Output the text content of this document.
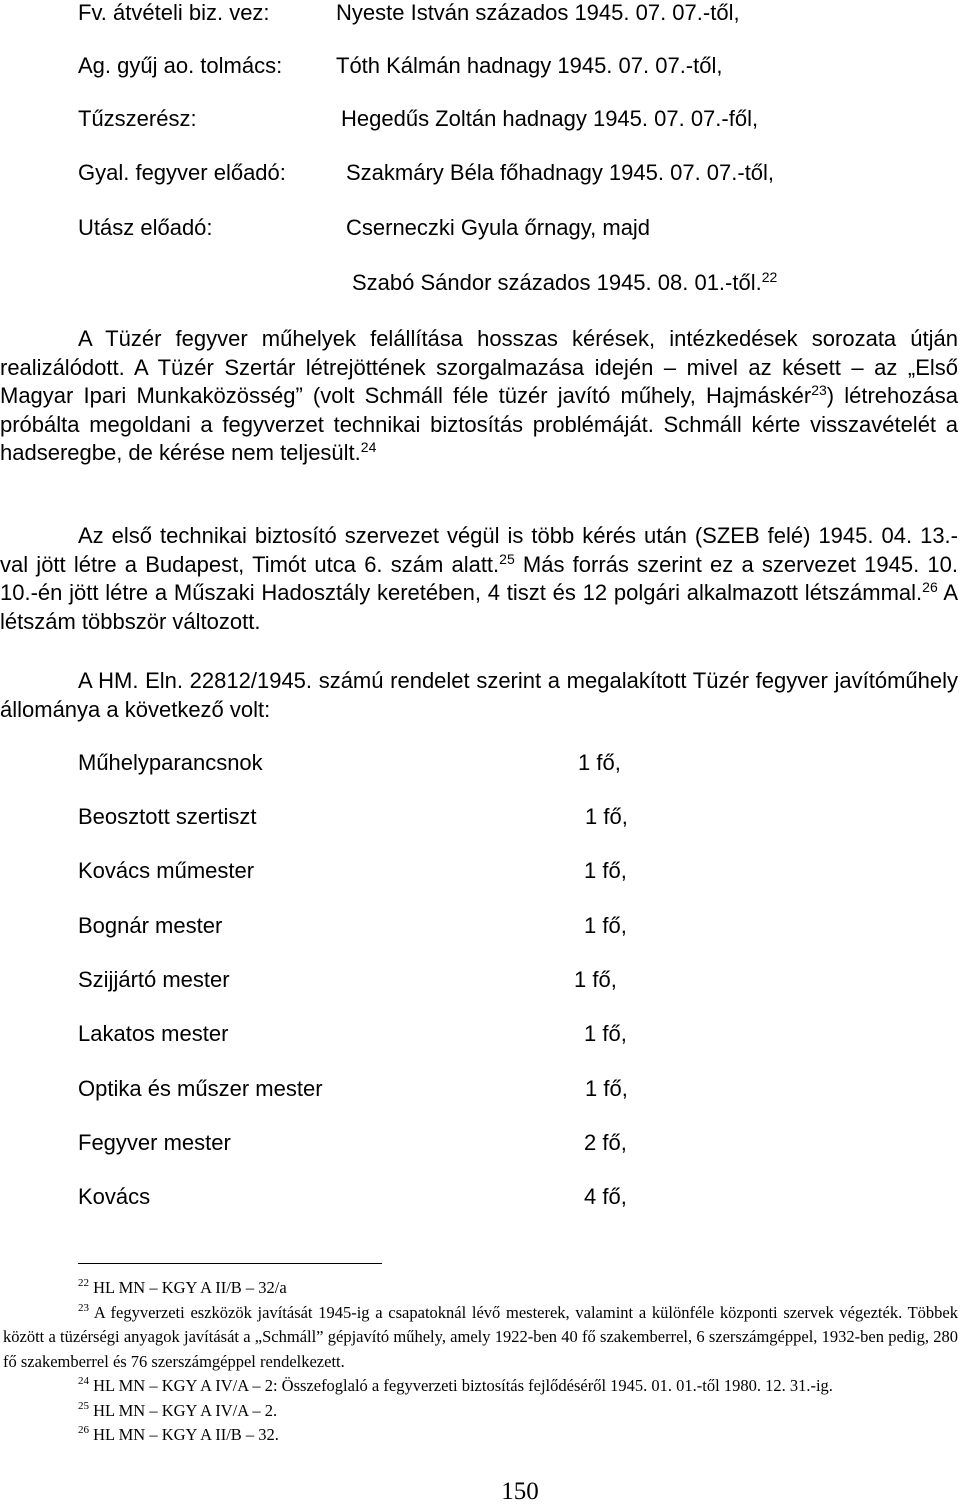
Fv. átvételi biz. vez:	Nyeste István százados 1945. 07. 07.-től,
Ag. gyűj ao. tolmács: Tóth Kálmán hadnagy 1945. 07. 07.-től,
Tűzszerész:	Hegedűs Zoltán hadnagy 1945. 07. 07.-fől,
Gyal. fegyver előadó:	Szakmáry Béla főhadnagy 1945. 07. 07.-től,
Utász előadó:	Cserneczki Gyula őrnagy, majd
Szabó Sándor százados 1945. 08. 01.-től.$^{22}$
A Tüzér fegyver műhelyek felállítása hosszas kérések, intézkedések sorozata útján realizálódott. A Tüzér Szertár létrejöttének szorgalmazása idején – mivel az késett – az „Első Magyar Ipari Munkaközösség” (volt Schmáll féle tüzér javító műhely, Hajmáskér$^{23}$) létrehozása próbálta megoldani a fegyverzet technikai biztosítás problémáját. Schmáll kérte visszavételét a hadseregbe, de kérése nem teljesült.$^{24}$
Az első technikai biztosító szervezet végül is több kérés után (SZEB felé) 1945. 04. 13.-val jött létre a Budapest, Timót utca 6. szám alatt.$^{25}$ Más forrás szerint ez a szervezet 1945. 10. 10.-én jött létre a Műszaki Hadosztály keretében, 4 tiszt és 12 polgári alkalmazott létszámmal.$^{26}$ A létszám többször változott.
A HM. Eln. 22812/1945. számú rendelet szerint a megalakított Tüzér fegyver javítóműhely állománya a következő volt:
Műhelyparancsnok	1 fő,
Beosztott szertiszt	1 fő,
Kovács műmester	1 fő,
Bognár mester	1 fő,
Szijjártó mester	1 fő,
Lakatos mester	1 fő,
Optika és műszer mester	1 fő,
Fegyver mester	2 fő,
Kovács	4 fő,
$^{22}$ HL MN – KGY A II/B – 32/a
$^{23}$ A fegyverzeti eszközök javítását 1945-ig a csapatoknál lévő mesterek, valamint a különféle központi szervek végezték. Többek között a tüzérségi anyagok javítását a „Schmáll” gépjavító műhely, amely 1922-ben 40 fő szakemberrel, 6 szerszámgéppel, 1932-ben pedig, 280 fő szakemberrel és 76 szerszámgéppel rendelkezett.
$^{24}$ HL MN – KGY A IV/A – 2: Összefoglaló a fegyverzeti biztosítás fejlődéséről 1945. 01. 01.-től 1980. 12. 31.-ig.
$^{25}$ HL MN – KGY A IV/A – 2.
$^{26}$ HL MN – KGY A II/B – 32.
150
